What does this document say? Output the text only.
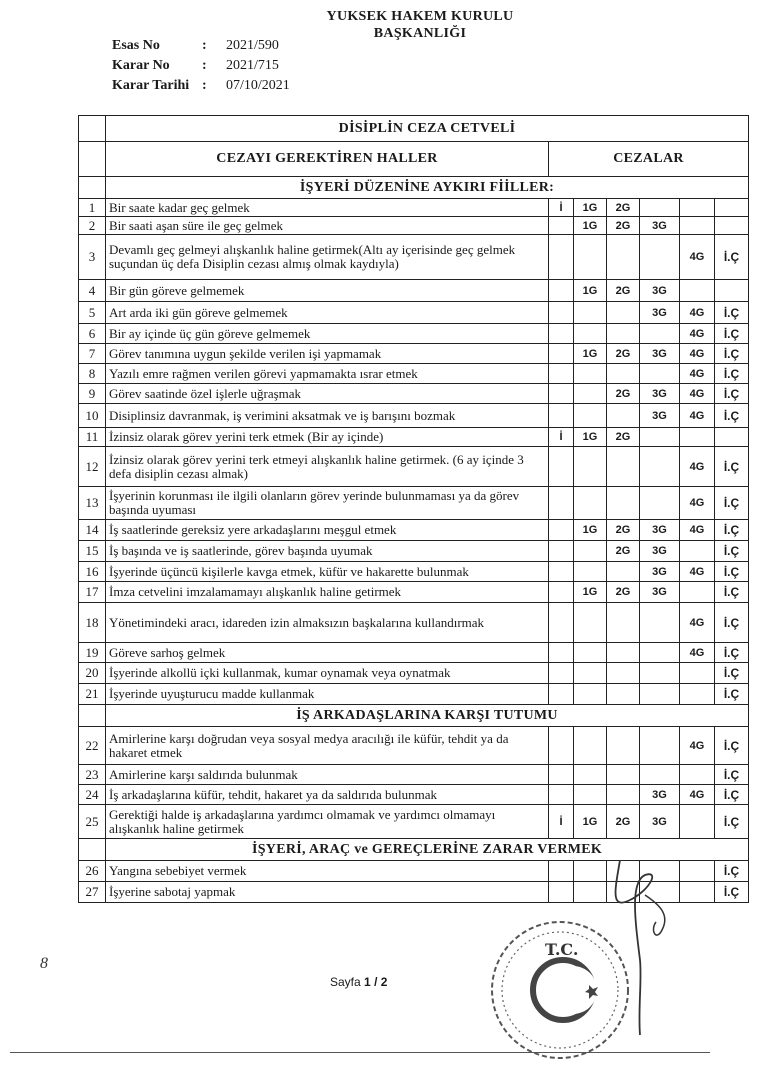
YUKSEK HAKEM KURULU
BAŞKANLIĞI
Esas No	:	2021/590
Karar No	:	2021/715
Karar Tarihi :	07/10/2021
	DİSİPLİN CEZA CETVELİ							
	CEZAYI GEREKTİREN HALLER	CEZALAR						
	İŞYERİ DÜZENİNE AYKIRI FİİLLER:							
1	Bir saate kadar geç gelmek	İ	1G	2G				
2	Bir saati aşan süre ile geç gelmek		1G	2G	3G			
3	Devamlı geç gelmeyi alışkanlık haline getirmek(Altı ay içerisinde geç gelmek suçundan üç defa Disiplin cezası almış olmak kaydıyla)					4G	İ.Ç	
4	Bir gün göreve gelmemek		1G	2G	3G			
5	Art arda iki gün göreve gelmemek				3G	4G	İ.Ç	
6	Bir ay içinde üç gün göreve gelmemek					4G	İ.Ç	
7	Görev tanımına uygun şekilde verilen işi yapmamak		1G	2G	3G	4G	İ.Ç	
8	Yazılı emre rağmen verilen görevi yapmamakta ısrar etmek					4G	İ.Ç	
9	Görev saatinde özel işlerle uğraşmak			2G	3G	4G	İ.Ç	
10	Disiplinsiz davranmak, iş verimini aksatmak ve iş barışını bozmak				3G	4G	İ.Ç	
11	İzinsiz olarak görev yerini terk etmek (Bir ay içinde)	İ	1G	2G				
12	İzinsiz olarak görev yerini terk etmeyi alışkanlık haline getirmek. (6 ay içinde 3 defa disiplin cezası almak)					4G	İ.Ç	
13	İşyerinin korunması ile ilgili olanların görev yerinde bulunmaması ya da görev başında uyuması					4G	İ.Ç	
14	İş saatlerinde gereksiz yere arkadaşlarını meşgul etmek		1G	2G	3G	4G	İ.Ç	
15	İş başında ve iş saatlerinde, görev başında uyumak			2G	3G		İ.Ç	
16	İşyerinde üçüncü kişilerle kavga etmek, küfür ve hakarette bulunmak				3G	4G	İ.Ç	
17	İmza cetvelini imzalamamayı alışkanlık haline getirmek		1G	2G	3G		İ.Ç	
18	Yönetimindeki aracı, idareden izin almaksızın başkalarına kullandırmak					4G	İ.Ç	
19	Göreve sarhoş gelmek					4G	İ.Ç	
20	İşyerinde alkollü içki kullanmak, kumar oynamak veya oynatmak						İ.Ç	
21	İşyerinde uyuşturucu madde kullanmak						İ.Ç	
	İŞ ARKADAŞLARINA KARŞI TUTUMU							
22	Amirlerine karşı doğrudan veya sosyal medya aracılığı ile küfür, tehdit ya da hakaret etmek					4G	İ.Ç	
23	Amirlerine karşı saldırıda bulunmak						İ.Ç	
24	İş arkadaşlarına küfür, tehdit, hakaret ya da saldırıda bulunmak				3G	4G	İ.Ç	
25	Gerektiği halde iş arkadaşlarına yardımcı olmamak ve yardımcı olmamayı alışkanlık haline getirmek	İ	1G	2G	3G		İ.Ç	
	İŞYERİ, ARAÇ ve GEREÇLERİNE ZARAR VERMEK							
26	Yangına sebebiyet vermek						İ.Ç	
27	İşyerine sabotaj yapmak						İ.Ç	
T.C.
8
Sayfa 1 / 2
